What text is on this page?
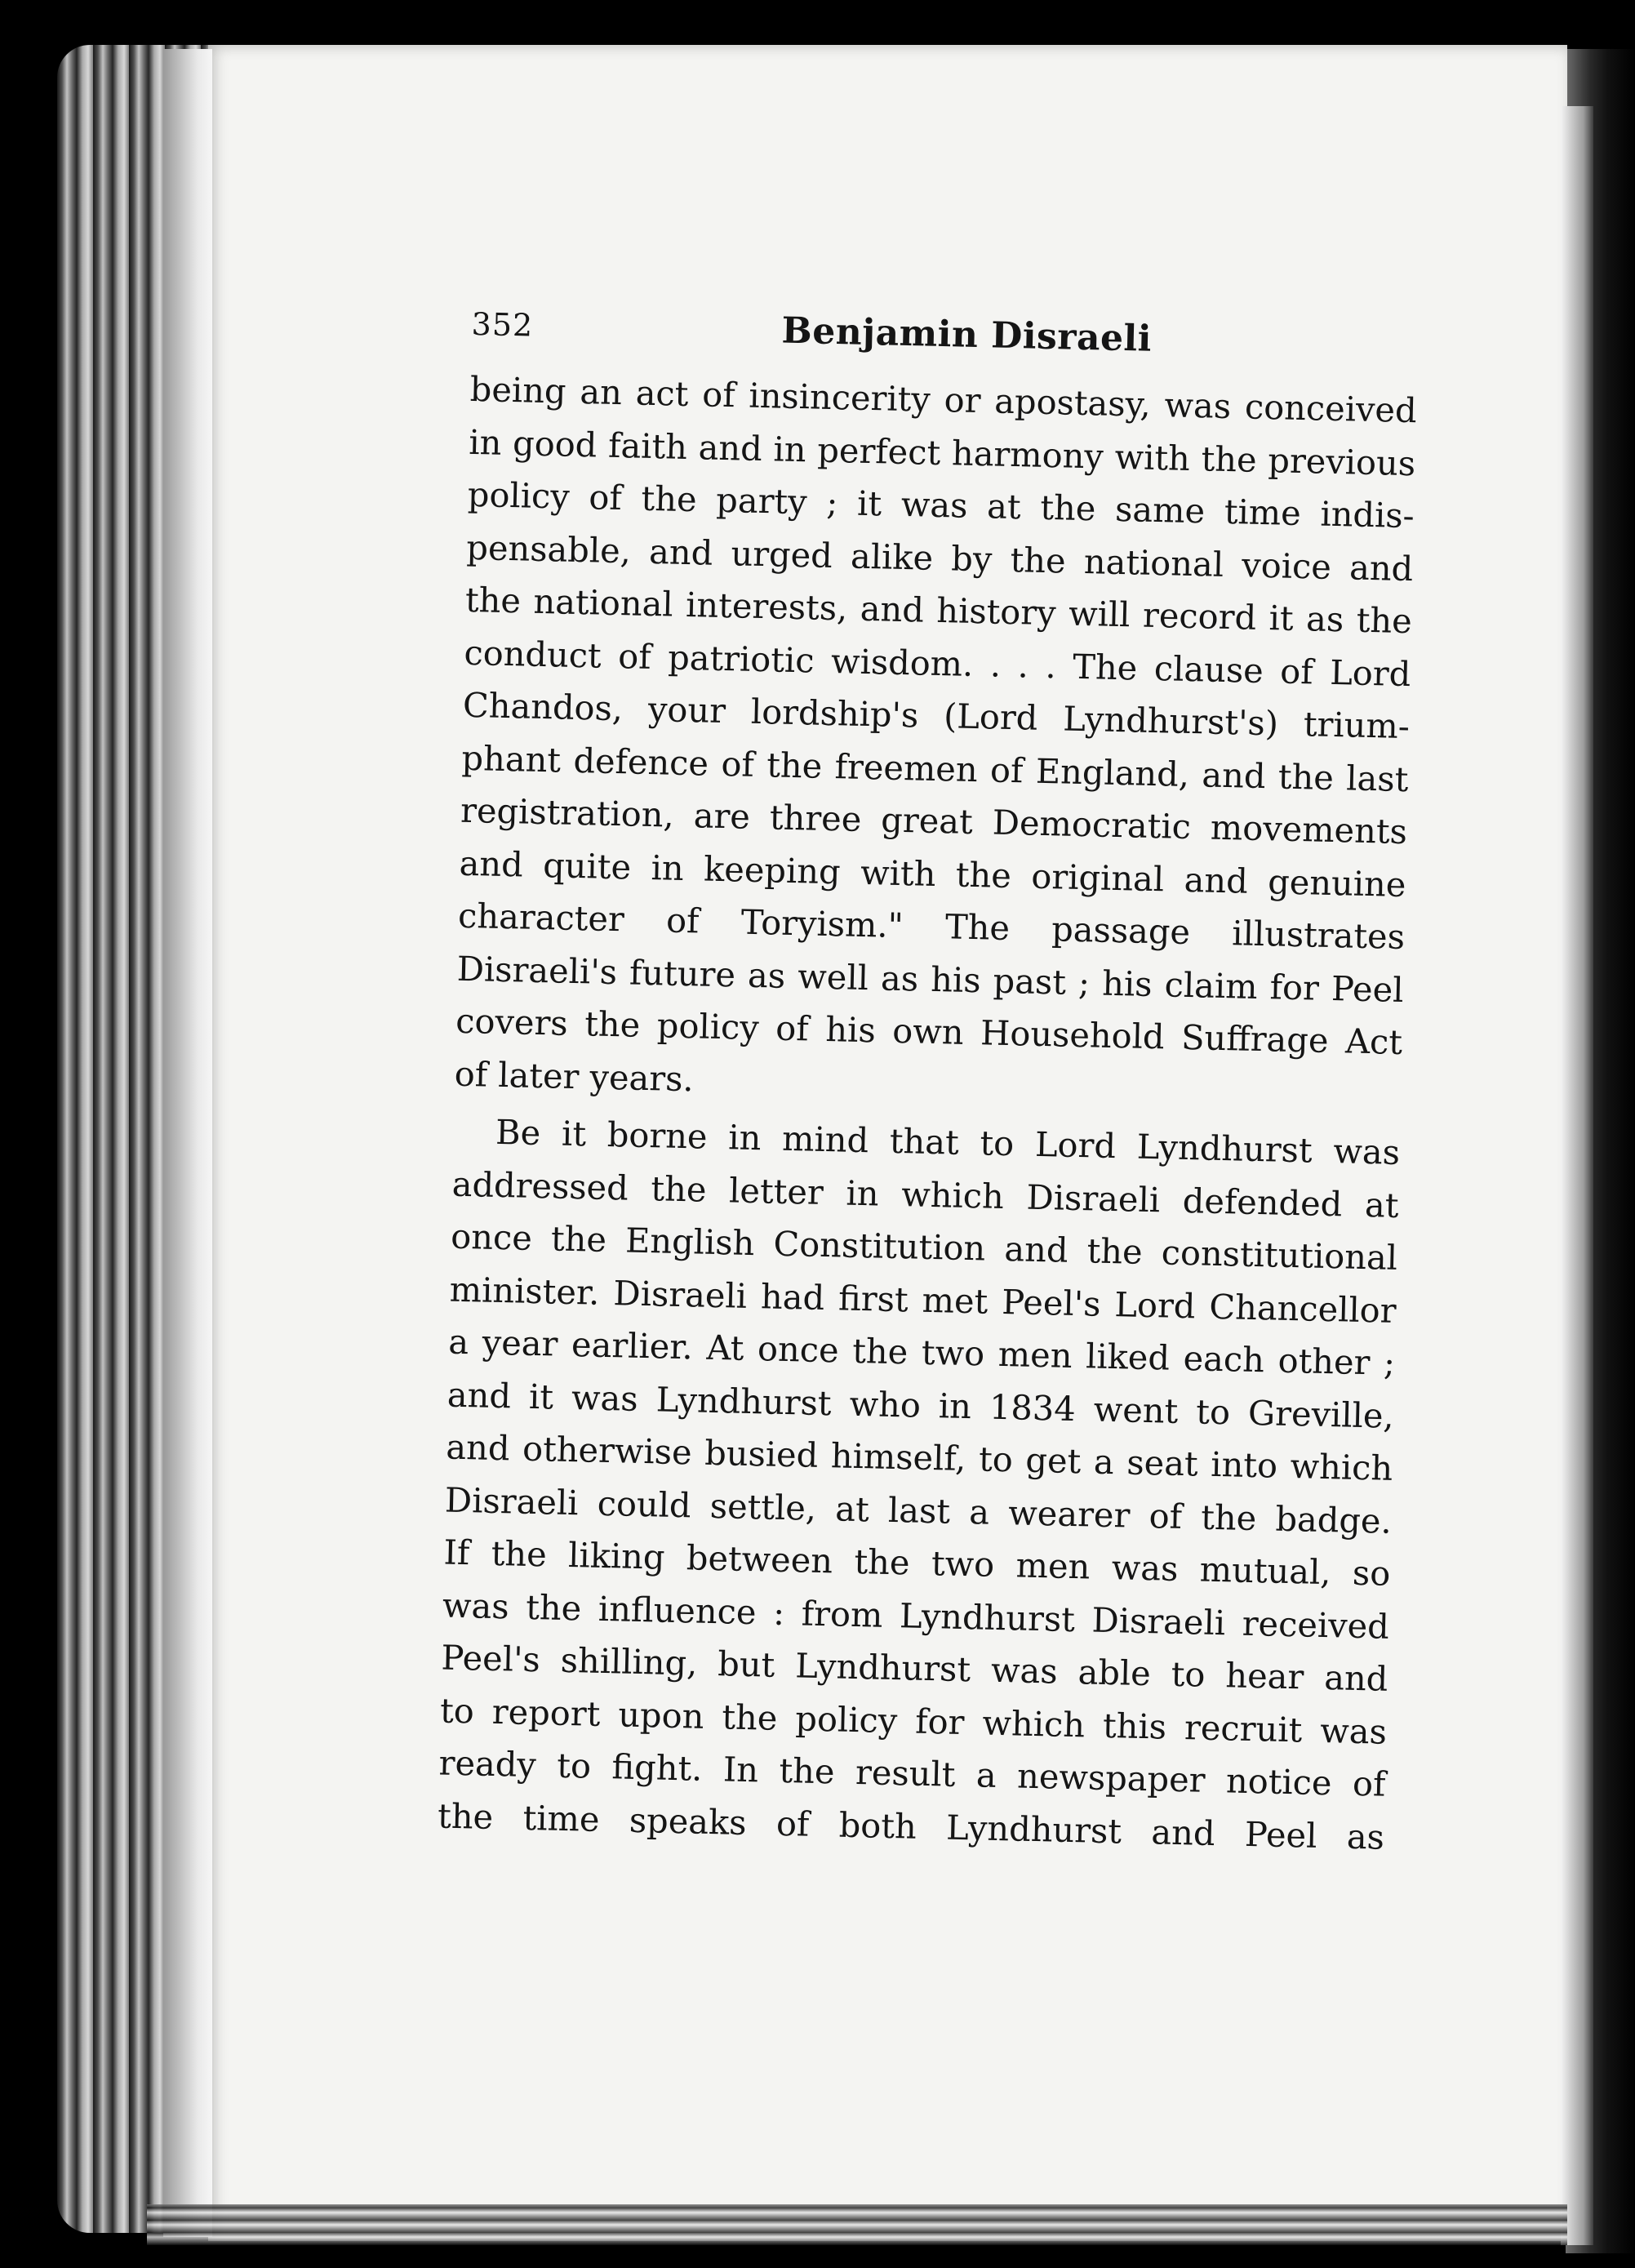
352	Benjamin Disraeli
being an act of insincerity or apostasy, was conceived
in good faith and in perfect harmony with the previous
policy of the party ; it was at the same time indis-
pensable, and urged alike by the national voice and
the national interests, and history will record it as the
conduct of patriotic wisdom. . . . The clause of Lord
Chandos, your lordship's (Lord Lyndhurst's) trium-
phant defence of the freemen of England, and the last
registration, are three great Democratic movements
and quite in keeping with the original and genuine
character of Toryism." The passage illustrates
Disraeli's future as well as his past ; his claim for Peel
covers the policy of his own Household Suffrage Act
of later years.
Be it borne in mind that to Lord Lyndhurst was
addressed the letter in which Disraeli defended at
once the English Constitution and the constitutional
minister. Disraeli had first met Peel's Lord Chancellor
a year earlier. At once the two men liked each other ;
and it was Lyndhurst who in 1834 went to Greville,
and otherwise busied himself, to get a seat into which
Disraeli could settle, at last a wearer of the badge.
If the liking between the two men was mutual, so
was the influence : from Lyndhurst Disraeli received
Peel's shilling, but Lyndhurst was able to hear and
to report upon the policy for which this recruit was
ready to fight. In the result a newspaper notice of
the time speaks of both Lyndhurst and Peel as
